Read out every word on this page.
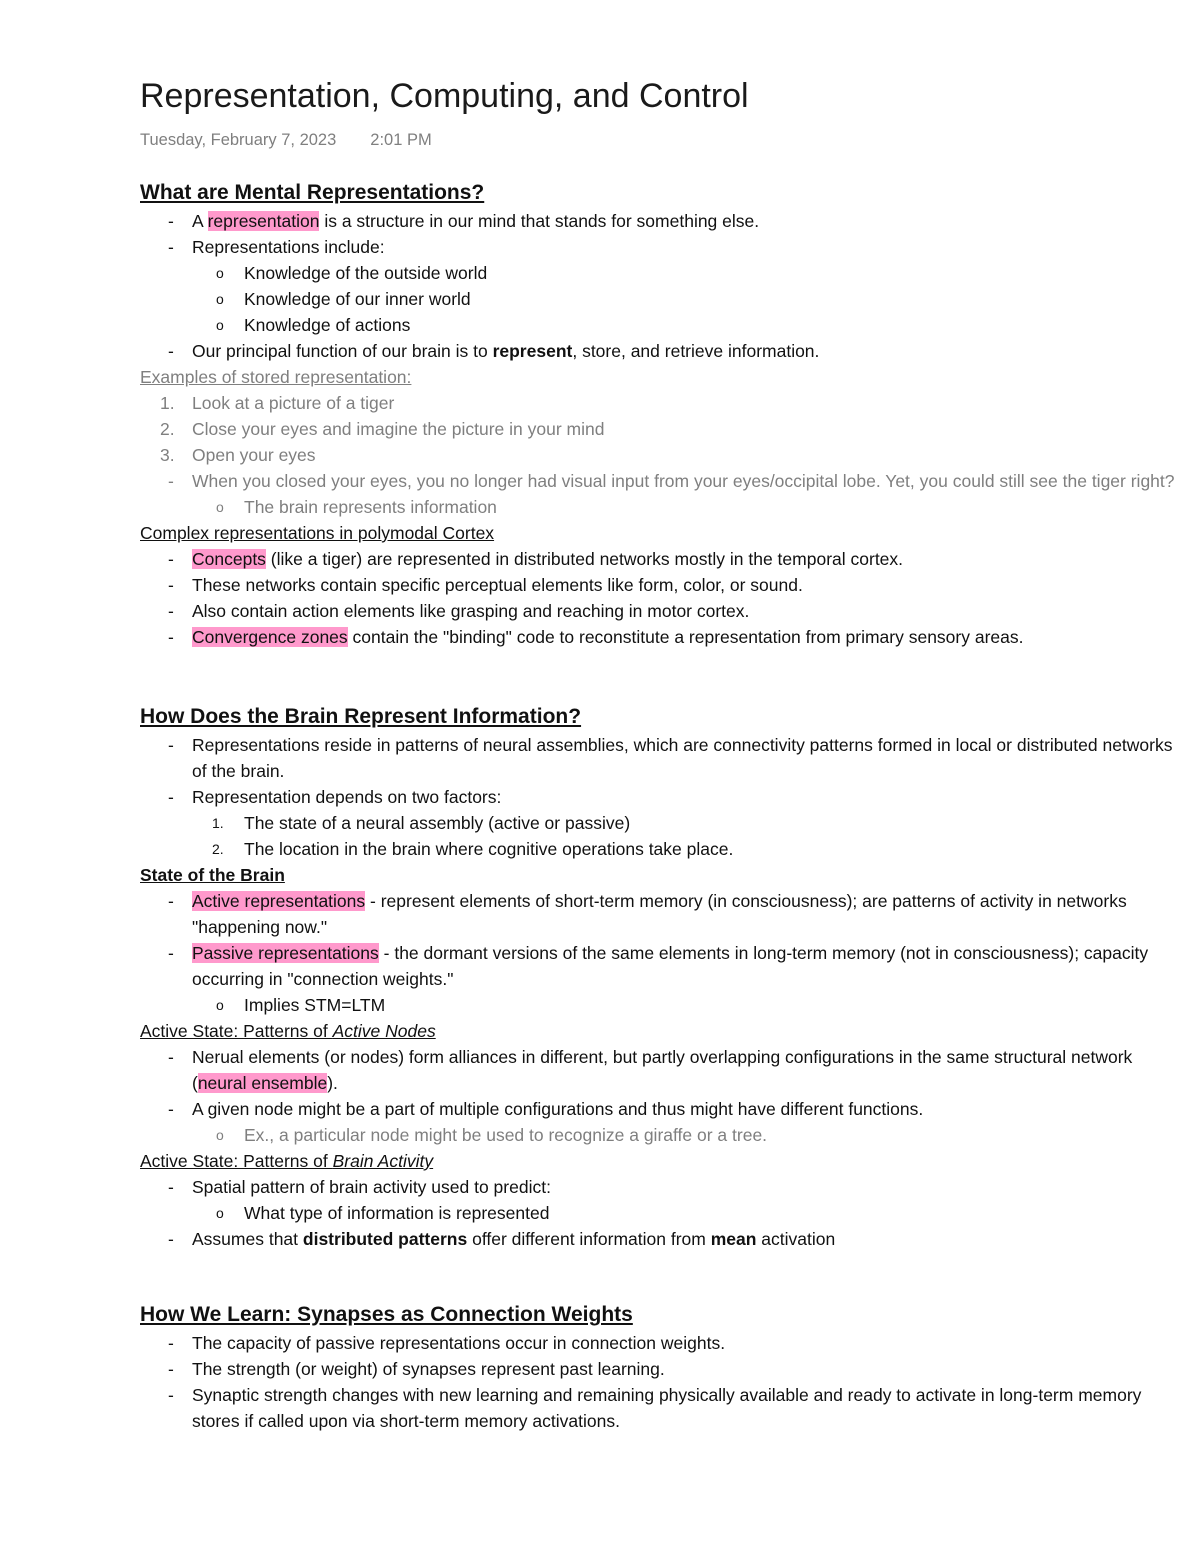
Representation, Computing, and Control
Tuesday, February 7, 2023 2:01 PM
What are Mental Representations?
- A representation is a structure in our mind that stands for something else.
- Representations include:
o Knowledge of the outside world
o Knowledge of our inner world
o Knowledge of actions
- Our principal function of our brain is to represent, store, and retrieve information.
Examples of stored representation:
1. Look at a picture of a tiger
2. Close your eyes and imagine the picture in your mind
3. Open your eyes
- When you closed your eyes, you no longer had visual input from your eyes/occipital lobe. Yet, you could still see the tiger right?
o The brain represents information
Complex representations in polymodal Cortex
- Concepts (like a tiger) are represented in distributed networks mostly in the temporal cortex.
- These networks contain specific perceptual elements like form, color, or sound.
- Also contain action elements like grasping and reaching in motor cortex.
- Convergence zones contain the "binding" code to reconstitute a representation from primary sensory areas.
How Does the Brain Represent Information?
- Representations reside in patterns of neural assemblies, which are connectivity patterns formed in local or distributed networks of the brain.
- Representation depends on two factors:
1. The state of a neural assembly (active or passive)
2. The location in the brain where cognitive operations take place.
State of the Brain
- Active representations - represent elements of short-term memory (in consciousness); are patterns of activity in networks "happening now."
- Passive representations - the dormant versions of the same elements in long-term memory (not in consciousness); capacity occurring in "connection weights."
o Implies STM=LTM
Active State: Patterns of Active Nodes
- Nerual elements (or nodes) form alliances in different, but partly overlapping configurations in the same structural network (neural ensemble).
- A given node might be a part of multiple configurations and thus might have different functions.
o Ex., a particular node might be used to recognize a giraffe or a tree.
Active State: Patterns of Brain Activity
- Spatial pattern of brain activity used to predict:
o What type of information is represented
- Assumes that distributed patterns offer different information from mean activation
How We Learn: Synapses as Connection Weights
- The capacity of passive representations occur in connection weights.
- The strength (or weight) of synapses represent past learning.
- Synaptic strength changes with new learning and remaining physically available and ready to activate in long-term memory stores if called upon via short-term memory activations.
